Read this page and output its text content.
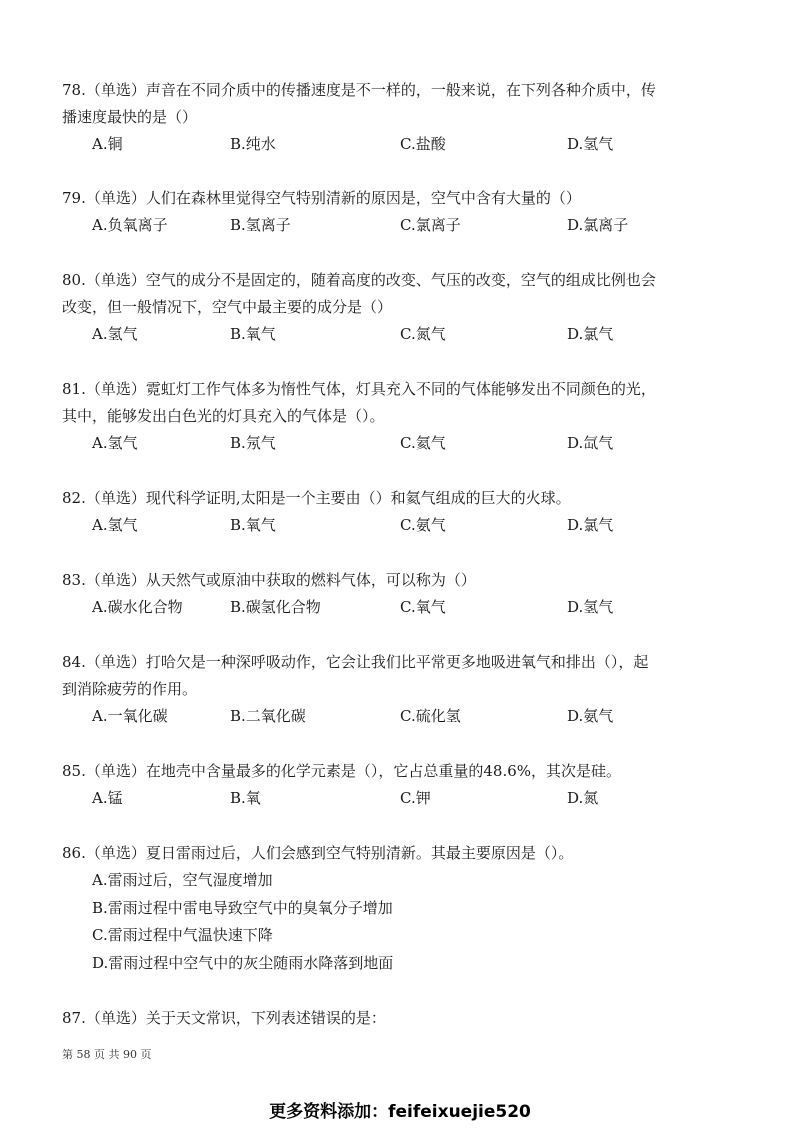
78.（单选）声音在不同介质中的传播速度是不一样的，一般来说，在下列各种介质中，传
播速度最快的是（）
A.铜	B.纯水	C.盐酸	D.氢气
79.（单选）人们在森林里觉得空气特别清新的原因是，空气中含有大量的（）
A.负氧离子	B.氢离子	C.氯离子	D.氯离子
80.（单选）空气的成分不是固定的，随着高度的改变、气压的改变，空气的组成比例也会
改变，但一般情况下，空气中最主要的成分是（）
A.氢气	B.氧气	C.氮气	D.氯气
81.（单选）霓虹灯工作气体多为惰性气体，灯具充入不同的气体能够发出不同颜色的光，
其中，能够发出白色光的灯具充入的气体是（）。
A.氢气	B.氖气	C.氦气	D.氙气
82.（单选）现代科学证明,太阳是一个主要由（）和氦气组成的巨大的火球。
A.氢气	B.氧气	C.氨气	D.氯气
83.（单选）从天然气或原油中获取的燃料气体，可以称为（）
A.碳水化合物	B.碳氢化合物	C.氧气	D.氢气
84.（单选）打哈欠是一种深呼吸动作，它会让我们比平常更多地吸进氧气和排出（），起
到消除疲劳的作用。
A.一氧化碳	B.二氧化碳	C.硫化氢	D.氨气
85.（单选）在地壳中含量最多的化学元素是（），它占总重量的48.6%，其次是硅。
A.锰	B.氧	C.钾	D.氮
86.（单选）夏日雷雨过后，人们会感到空气特别清新。其最主要原因是（）。
A.雷雨过后，空气湿度增加
B.雷雨过程中雷电导致空气中的臭氧分子增加
C.雷雨过程中气温快速下降
D.雷雨过程中空气中的灰尘随雨水降落到地面
87.（单选）关于天文常识，下列表述错误的是：
第 58 页 共 90 页
更多资料添加：feifeixuejie520
